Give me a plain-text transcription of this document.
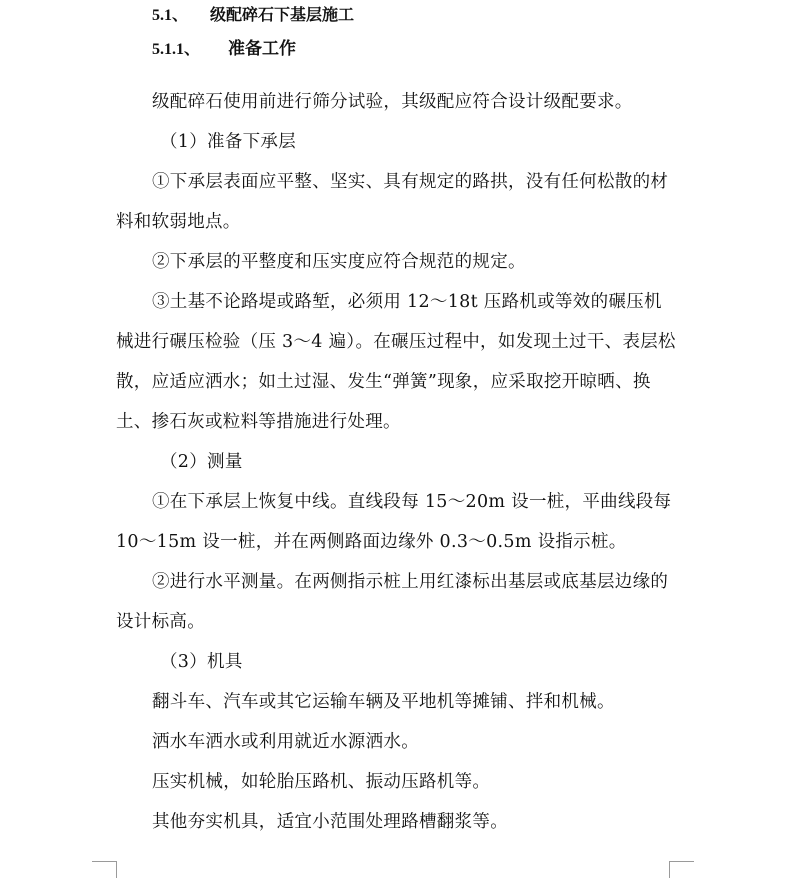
5.1、 级配碎石下基层施工
5.1.1、 准备工作

级配碎石使用前进行筛分试验，其级配应符合设计级配要求。

（1）准备下承层

①下承层表面应平整、坚实、具有规定的路拱，没有任何松散的材料和软弱地点。

②下承层的平整度和压实度应符合规范的规定。

③土基不论路堤或路堑，必须用 12～18t 压路机或等效的碾压机械进行碾压检验（压 3～4 遍）。在碾压过程中，如发现土过干、表层松散，应适应洒水；如土过湿、发生“弹簧”现象，应采取挖开晾晒、换土、掺石灰或粒料等措施进行处理。

（2）测量

①在下承层上恢复中线。直线段每 15～20m 设一桩，平曲线段每 10～15m 设一桩，并在两侧路面边缘外 0.3～0.5m 设指示桩。

②进行水平测量。在两侧指示桩上用红漆标出基层或底基层边缘的设计标高。

（3）机具

翻斗车、汽车或其它运输车辆及平地机等摊铺、拌和机械。

洒水车洒水或利用就近水源洒水。

压实机械，如轮胎压路机、振动压路机等。

其他夯实机具，适宜小范围处理路槽翻浆等。
